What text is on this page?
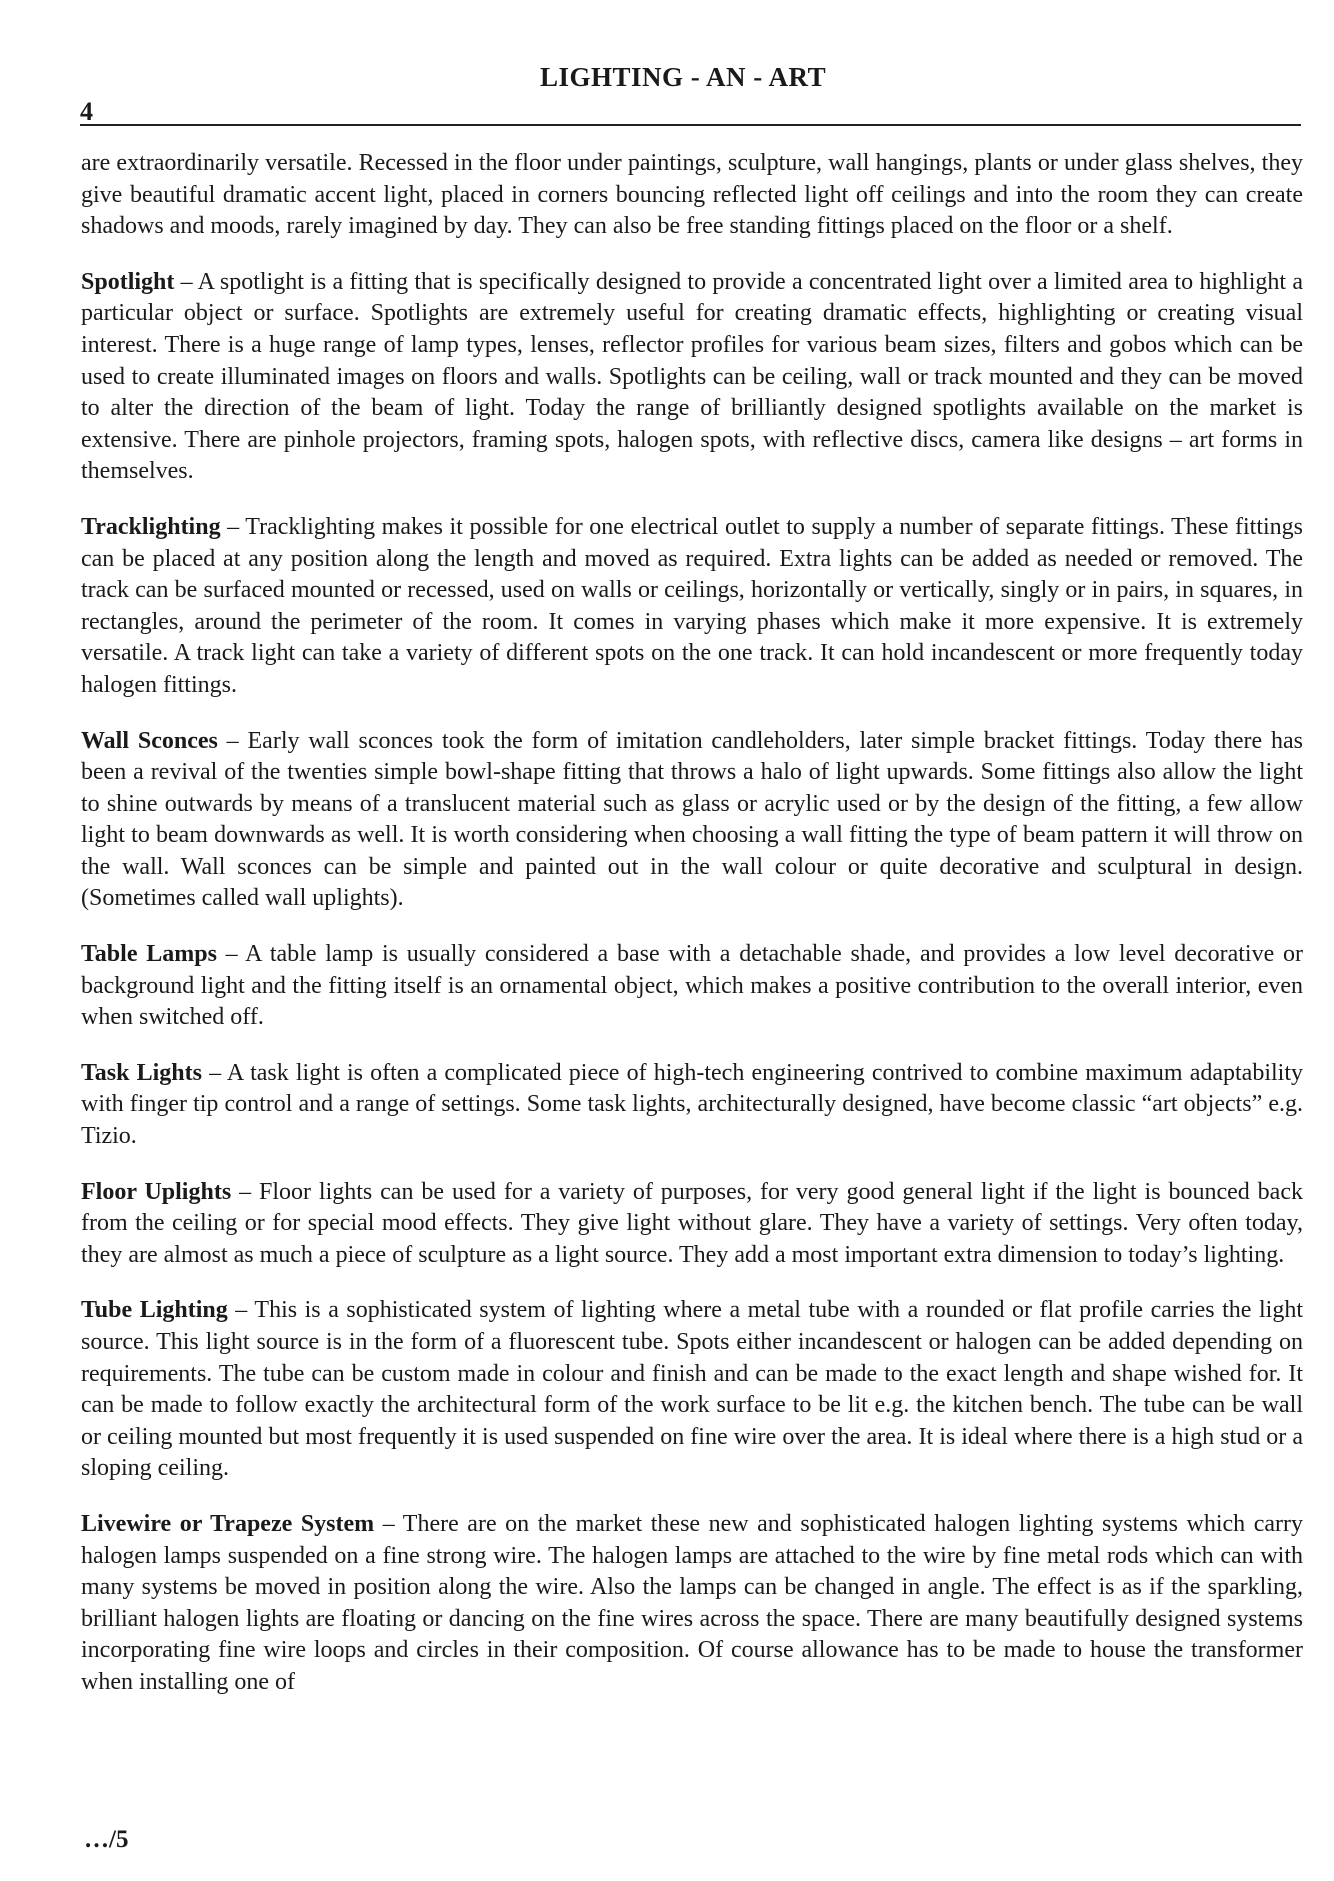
LIGHTING - AN - ART
4

are extraordinarily versatile. Recessed in the floor under paintings, sculpture, wall hangings, plants or under glass shelves, they give beautiful dramatic accent light, placed in corners bouncing reflected light off ceilings and into the room they can create shadows and moods, rarely imagined by day. They can also be free standing fittings placed on the floor or a shelf.

Spotlight – A spotlight is a fitting that is specifically designed to provide a concentrated light over a limited area to highlight a particular object or surface. Spotlights are extremely useful for creating dramatic effects, highlighting or creating visual interest. There is a huge range of lamp types, lenses, reflector profiles for various beam sizes, filters and gobos which can be used to create illuminated images on floors and walls. Spotlights can be ceiling, wall or track mounted and they can be moved to alter the direction of the beam of light. Today the range of brilliantly designed spotlights available on the market is extensive. There are pinhole projectors, framing spots, halogen spots, with reflective discs, camera like designs – art forms in themselves.

Tracklighting – Tracklighting makes it possible for one electrical outlet to supply a number of separate fittings. These fittings can be placed at any position along the length and moved as required. Extra lights can be added as needed or removed. The track can be surfaced mounted or recessed, used on walls or ceilings, horizontally or vertically, singly or in pairs, in squares, in rectangles, around the perimeter of the room. It comes in varying phases which make it more expensive. It is extremely versatile. A track light can take a variety of different spots on the one track. It can hold incandescent or more frequently today halogen fittings.

Wall Sconces – Early wall sconces took the form of imitation candleholders, later simple bracket fittings. Today there has been a revival of the twenties simple bowl-shape fitting that throws a halo of light upwards. Some fittings also allow the light to shine outwards by means of a translucent material such as glass or acrylic used or by the design of the fitting, a few allow light to beam downwards as well. It is worth considering when choosing a wall fitting the type of beam pattern it will throw on the wall. Wall sconces can be simple and painted out in the wall colour or quite decorative and sculptural in design. (Sometimes called wall uplights).

Table Lamps – A table lamp is usually considered a base with a detachable shade, and provides a low level decorative or background light and the fitting itself is an ornamental object, which makes a positive contribution to the overall interior, even when switched off.

Task Lights – A task light is often a complicated piece of high-tech engineering contrived to combine maximum adaptability with finger tip control and a range of settings. Some task lights, architecturally designed, have become classic “art objects” e.g. Tizio.

Floor Uplights – Floor lights can be used for a variety of purposes, for very good general light if the light is bounced back from the ceiling or for special mood effects. They give light without glare. They have a variety of settings. Very often today, they are almost as much a piece of sculpture as a light source. They add a most important extra dimension to today’s lighting.

Tube Lighting – This is a sophisticated system of lighting where a metal tube with a rounded or flat profile carries the light source. This light source is in the form of a fluorescent tube. Spots either incandescent or halogen can be added depending on requirements. The tube can be custom made in colour and finish and can be made to the exact length and shape wished for. It can be made to follow exactly the architectural form of the work surface to be lit e.g. the kitchen bench. The tube can be wall or ceiling mounted but most frequently it is used suspended on fine wire over the area. It is ideal where there is a high stud or a sloping ceiling.

Livewire or Trapeze System – There are on the market these new and sophisticated halogen lighting systems which carry halogen lamps suspended on a fine strong wire. The halogen lamps are attached to the wire by fine metal rods which can with many systems be moved in position along the wire. Also the lamps can be changed in angle. The effect is as if the sparkling, brilliant halogen lights are floating or dancing on the fine wires across the space. There are many beautifully designed systems incorporating fine wire loops and circles in their composition. Of course allowance has to be made to house the transformer when installing one of

…/5
